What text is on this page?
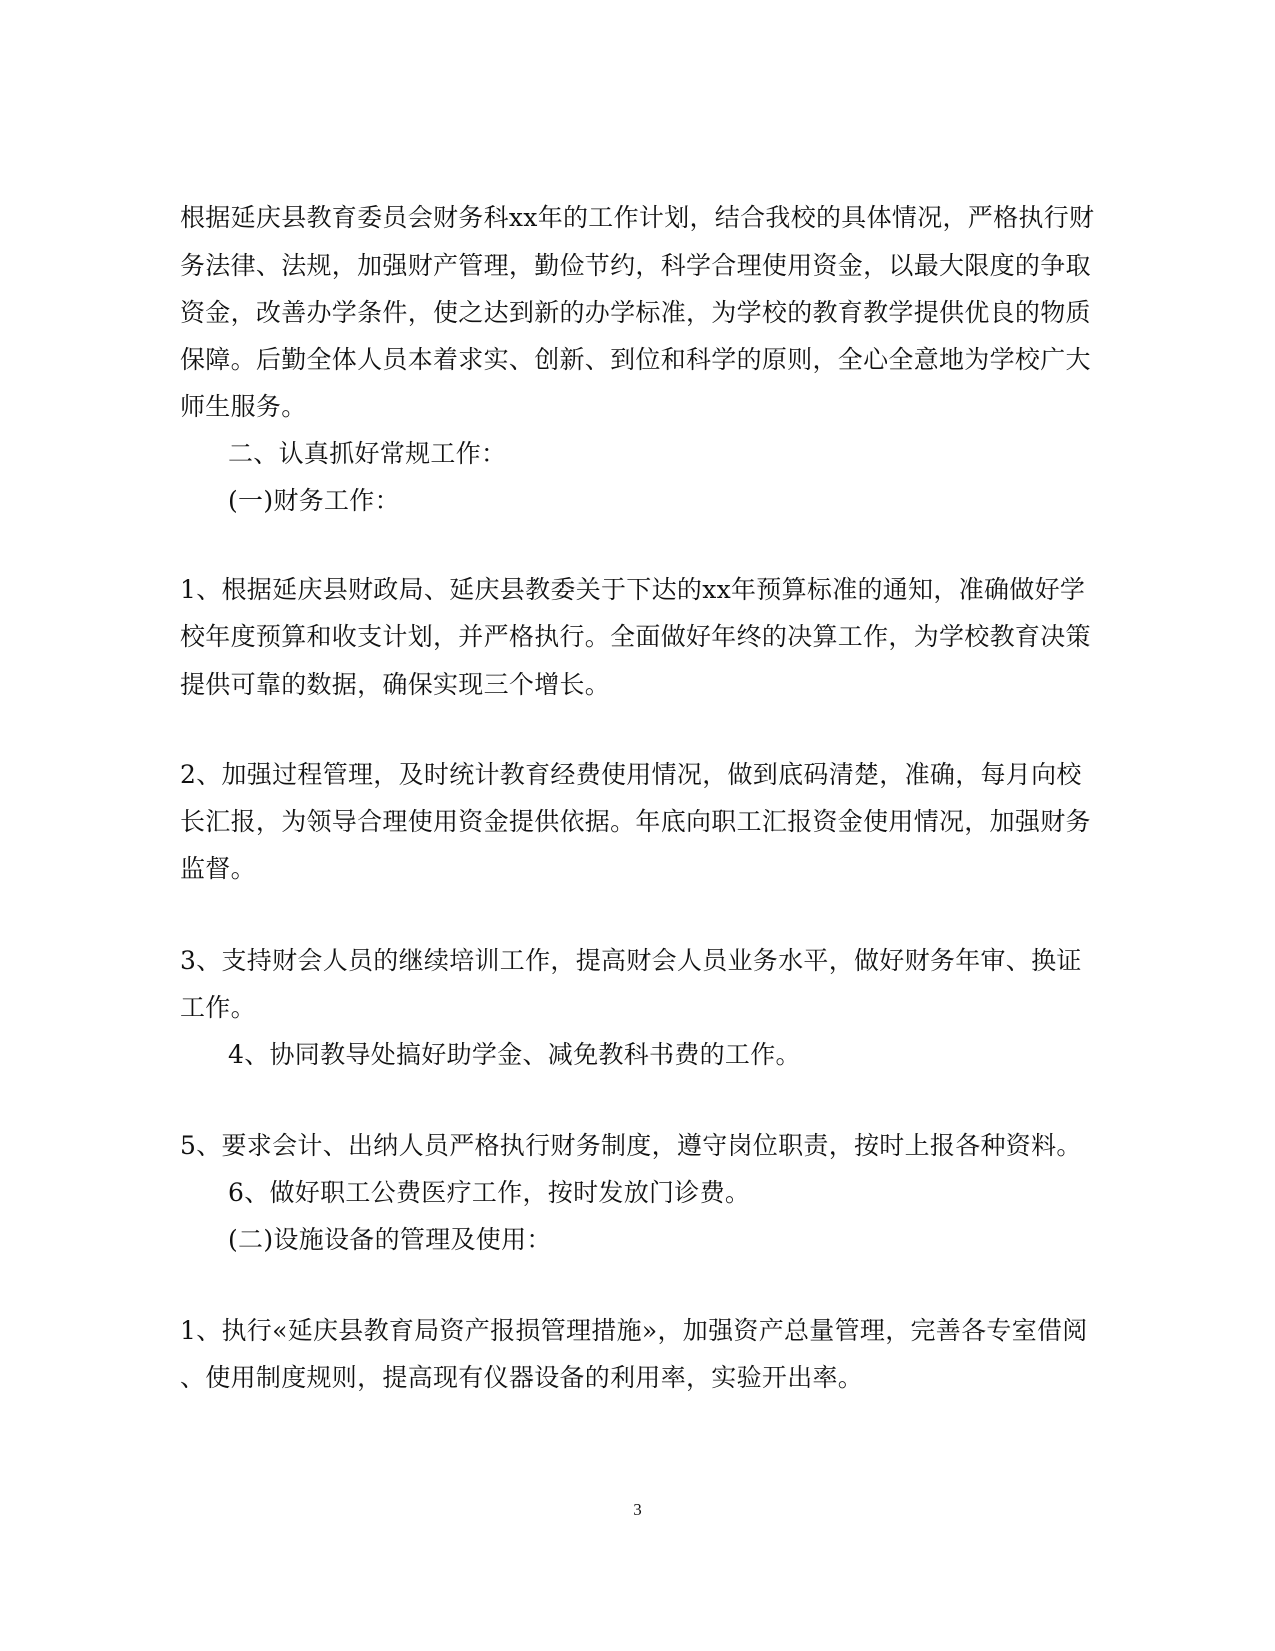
根据延庆县教育委员会财务科xx年的工作计划，结合我校的具体情况，严格执行财
务法律、法规，加强财产管理，勤俭节约，科学合理使用资金，以最大限度的争取
资金，改善办学条件，使之达到新的办学标准，为学校的教育教学提供优良的物质
保障。后勤全体人员本着求实、创新、到位和科学的原则，全心全意地为学校广大
师生服务。
二、认真抓好常规工作：
(一)财务工作：
1、根据延庆县财政局、延庆县教委关于下达的xx年预算标准的通知，准确做好学
校年度预算和收支计划，并严格执行。全面做好年终的决算工作，为学校教育决策
提供可靠的数据，确保实现三个增长。
2、加强过程管理，及时统计教育经费使用情况，做到底码清楚，准确，每月向校
长汇报，为领导合理使用资金提供依据。年底向职工汇报资金使用情况，加强财务
监督。
3、支持财会人员的继续培训工作，提高财会人员业务水平，做好财务年审、换证
工作。
4、协同教导处搞好助学金、减免教科书费的工作。
5、要求会计、出纳人员严格执行财务制度，遵守岗位职责，按时上报各种资料。
6、做好职工公费医疗工作，按时发放门诊费。
(二)设施设备的管理及使用：
1、执行«延庆县教育局资产报损管理措施»，加强资产总量管理，完善各专室借阅
、使用制度规则，提高现有仪器设备的利用率，实验开出率。
3
